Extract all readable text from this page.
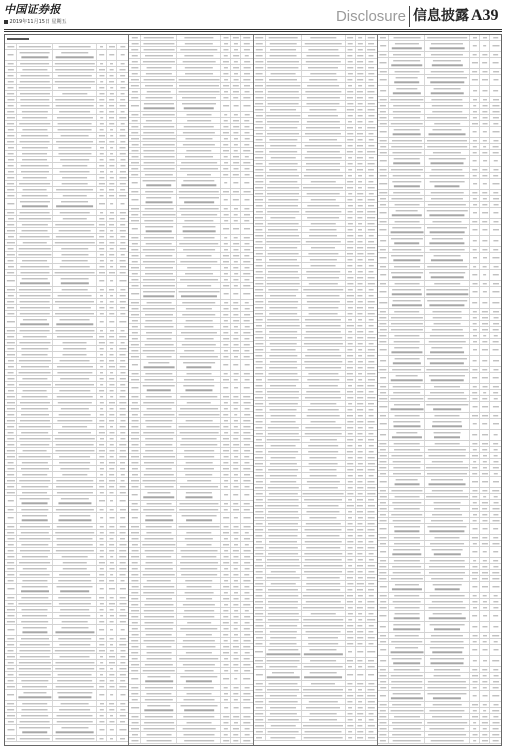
中国证券报
2019年11月15日 星期五	Disclosure 信息披露 A39
